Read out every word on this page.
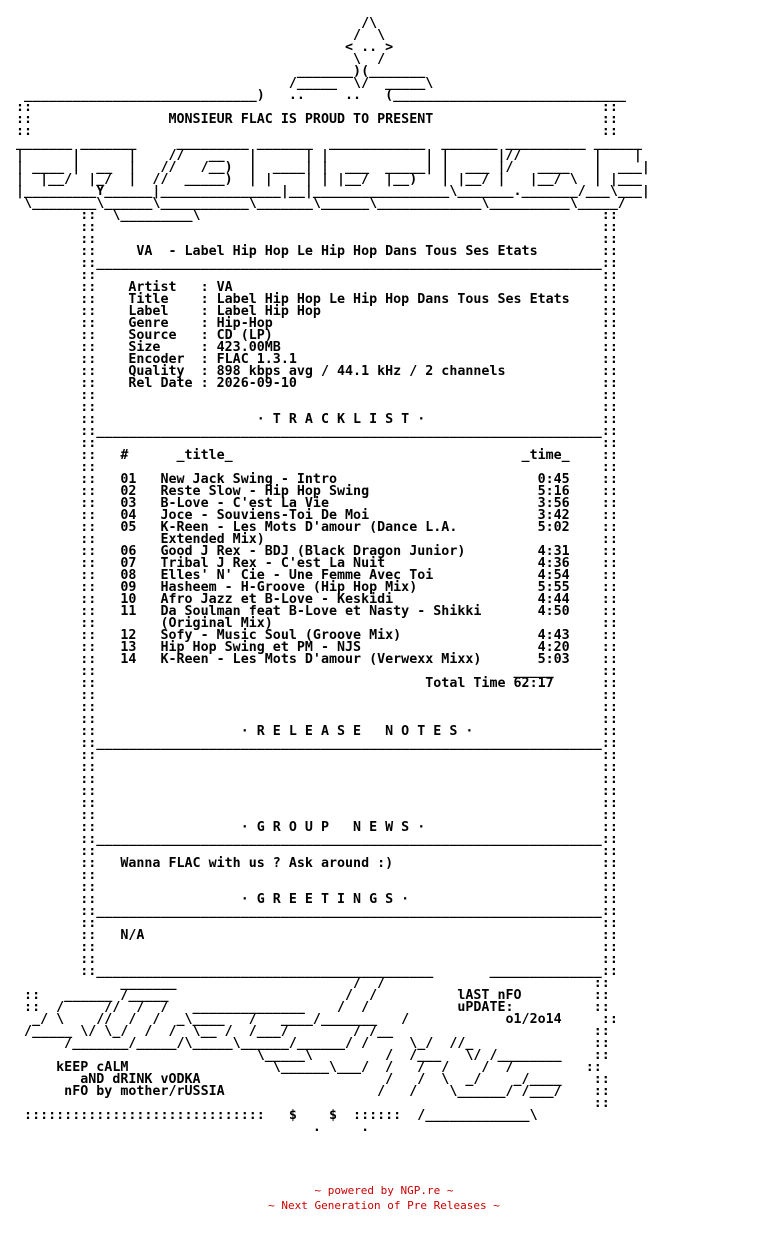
/\
/  \
< .. >
\  /
_______)(_______
/_____  \/  _____\
_____________________________)   ..     ..   (_____________________________
::                                                                       ::
::                 MONSIEUR FLAC IS PROUD TO PRESENT                     ::
::                                                                       ::
_______ _______     _________ _______  ____________  _______ __________ ______
|      |      |    //   __   |      | |            | |      |//         |    |
| ____ |  __  |   //   /__)  |  ____| |  ___  _____| |  ___ |/   ____   |  ___|
|  |__/  |_/  |  //  _____)  | |    | | |__/  |__)   | |__/ |   |__/ \  | |___
|_________Y______|_______________|__|_________________\_______._______/___\___|
\________\______\___________\_______\______\_____________\__________\_____/
::  \_________\                                                  ::
::                                                               ::
::                                                               ::
::     VA  - Label Hip Hop Le Hip Hop Dans Tous Ses Etats        ::
::_______________________________________________________________::
::                                                               ::
::    Artist   : VA                                              ::
::    Title    : Label Hip Hop Le Hip Hop Dans Tous Ses Etats    ::
::    Label    : Label Hip Hop                                   ::
::    Genre    : Hip-Hop                                         ::
::    Source   : CD (LP)                                         ::
::    Size     : 423.00MB                                        ::
::    Encoder  : FLAC 1.3.1                                      ::
::    Quality  : 898 kbps avg / 44.1 kHz / 2 channels            ::
::    Rel Date : 2026-09-10                                      ::
::                                                               ::
::                                                               ::
::                    · T R A C K L I S T ·                      ::
::_______________________________________________________________::
::                                                               ::
::   #      _title_                                    _time_    ::
::                                                               ::
::   01   New Jack Swing - Intro                         0:45    ::
::   02   Reste Slow - Hip Hop Swing                     5:16    ::
::   03   B-Love - C'est La Vie                          3:56    ::
::   04   Joce - Souviens-Toi De Moi                     3:42    ::
::   05   K-Reen - Les Mots D'amour (Dance L.A.          5:02    ::
::        Extended Mix)                                          ::
::   06   Good J Rex - BDJ (Black Dragon Junior)         4:31    ::
::   07   Tribal J Rex - C'est La Nuit                   4:36    ::
::   08   Elles' N' Cie - Une Femme Avec Toi             4:54    ::
::   09   Hasheem - H-Groove (Hip Hop Mix)               5:55    ::
::   10   Afro Jazz et B-Love - Keskidi                  4:44    ::
::   11   Da Soulman feat B-Love et Nasty - Shikki       4:50    ::
::        (Original Mix)                                         ::
::   12   Sofy - Music Soul (Groove Mix)                 4:43    ::
::   13   Hip Hop Swing et PM - NJS                      4:20    ::
::   14   K-Reen - Les Mots D'amour (Verwexx Mixx)       5:03    ::
::                                                    _____      ::
::                                         Total Time 62:17      ::
::                                                               ::
::                                                               ::
::                                                               ::
::                  · R E L E A S E   N O T E S ·                ::
::_______________________________________________________________::
::                                                               ::
::                                                               ::
::                                                               ::
::                                                               ::
::                                                               ::
::                                                               ::
::                  · G R O U P   N E W S ·                      ::
::_______________________________________________________________::
::                                                               ::
::   Wanna FLAC with us ? Ask around :)                          ::
::                                                               ::
::                                                               ::
::                  · G R E E T I N G S ·                        ::
::_______________________________________________________________::
::                                                               ::
::   N/A                                                         ::
::                                                               ::
::                                                               ::
::__________________________________________       ______________::
_______                      /  /                          ::
::   ______ /_____                      /  /          lAST nFO         ::
::  /     //  /  /   ______________    /  /           uPDATE:          ::
_/ \    //  /  /  _\____   /   ____/_______   /            o1/2o14     ::
/_____ \/ \_/  /  /  \__ /  /___/        / /__                         ::
/_______/_____/\_____\______/______/ /     \_/  //_               ::
\_____\         /  /___   \/ /________    ::
kEEP cALM                  \______\___/  /   /  /    /  /         ::
aND dRINK vODKA                       /   /  \  _/    _/____    ::
nFO by mother/rUSSIA                   /   /    \______/ /___/    ::
::
::::::::::::::::::::::::::::::   $    $  ::::::  /_____________\
.     .
~ powered by NGP.re ~
~ Next Generation of Pre Releases ~
